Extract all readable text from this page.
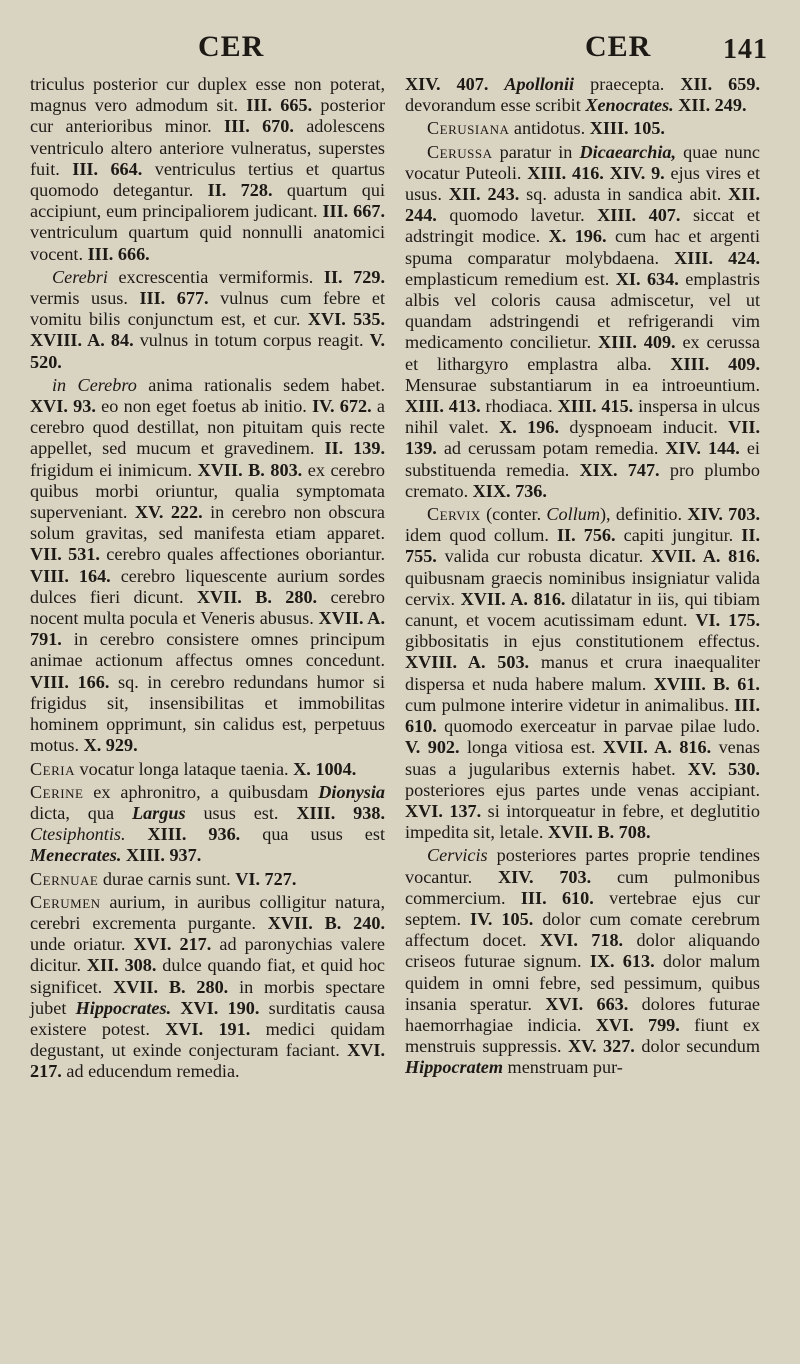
CER	CER	141

triculus posterior cur duplex esse non poterat, magnus vero admodum sit. III. 665. posterior cur anterioribus minor. III. 670. adolescens ventriculo altero anteriore vulneratus, superstes fuit. III. 664. ventriculus tertius et quartus quomodo detegantur. II. 728. quartum qui accipiunt, eum principaliorem judicant. III. 667. ventriculum quartum quid nonnulli anatomici vocent. III. 666.

Cerebri excrescentia vermiformis. II. 729. vermis usus. III. 677. vulnus cum febre et vomitu bilis conjunctum est, et cur. XVI. 535. XVIII. A. 84. vulnus in totum corpus reagit. V. 520.

in Cerebro anima rationalis sedem habet. XVI. 93. eo non eget foetus ab initio. IV. 672. a cerebro quod destillat, non pituitam quis recte appellet, sed mucum et gravedinem. II. 139. frigidum ei inimicum. XVII. B. 803. ex cerebro quibus morbi oriuntur, qualia symptomata superveniant. XV. 222. in cerebro non obscura solum gravitas, sed manifesta etiam apparet. VII. 531. cerebro quales affectiones oboriantur. VIII. 164. cerebro liquescente aurium sordes dulces fieri dicunt. XVII. B. 280. cerebro nocent multa pocula et Veneris abusus. XVII. A. 791. in cerebro consistere omnes principum animae actionum affectus omnes concedunt. VIII. 166. sq. in cerebro redundans humor si frigidus sit, insensibilitas et immobilitas hominem opprimunt, sin calidus est, perpetuus motus. X. 929.

Ceria vocatur longa lataque taenia. X. 1004.

Cerine ex aphronitro, a quibusdam Dionysia dicta, qua Largus usus est. XIII. 938. Ctesiphontis. XIII. 936. qua usus est Menecrates. XIII. 937.

Cernuae durae carnis sunt. VI. 727.

Cerumen aurium, in auribus colligitur natura, cerebri excrementa purgante. XVII. B. 240. unde oriatur. XVI. 217. ad paronychias valere dicitur. XII. 308. dulce quando fiat, et quid hoc significet. XVII. B. 280. in morbis spectare jubet Hippocrates. XVI. 190. surditatis causa existere potest. XVI. 191. medici quidam degustant, ut exinde conjecturam faciant. XVI. 217. ad educendum remedia.

XIV. 407. Apollonii praecepta. XII. 659. devorandum esse scribit Xenocrates. XII. 249.

Cerusiana antidotus. XIII. 105.

Cerussa paratur in Dicaearchia, quae nunc vocatur Puteoli. XIII. 416. XIV. 9. ejus vires et usus. XII. 243. sq. adusta in sandica abit. XII. 244. quomodo lavetur. XIII. 407. siccat et adstringit modice. X. 196. cum hac et argenti spuma comparatur molybdaena. XIII. 424. emplasticum remedium est. XI. 634. emplastris albis vel coloris causa admiscetur, vel ut quandam adstringendi et refrigerandi vim medicamento concilietur. XIII. 409. ex cerussa et lithargyro emplastra alba. XIII. 409. Mensurae substantiarum in ea introeuntium. XIII. 413. rhodiaca. XIII. 415. inspersa in ulcus nihil valet. X. 196. dyspnoeam inducit. VII. 139. ad cerussam potam remedia. XIV. 144. ei substituenda remedia. XIX. 747. pro plumbo cremato. XIX. 736.

Cervix (conter. Collum), definitio. XIV. 703. idem quod collum. II. 756. capiti jungitur. II. 755. valida cur robusta dicatur. XVII. A. 816. quibusnam graecis nominibus insigniatur valida cervix. XVII. A. 816. dilatatur in iis, qui tibiam canunt, et vocem acutissimam edunt. VI. 175. gibbositatis in ejus constitutionem effectus. XVIII. A. 503. manus et crura inaequaliter dispersa et nuda habere malum. XVIII. B. 61. cum pulmone interire videtur in animalibus. III. 610. quomodo exerceatur in parvae pilae ludo. V. 902. longa vitiosa est. XVII. A. 816. venas suas a jugularibus externis habet. XV. 530. posteriores ejus partes unde venas accipiant. XVI. 137. si intorqueatur in febre, et deglutitio impedita sit, letale. XVII. B. 708.

Cervicis posteriores partes proprie tendines vocantur. XIV. 703. cum pulmonibus commercium. III. 610. vertebrae ejus cur septem. IV. 105. dolor cum comate cerebrum affectum docet. XVI. 718. dolor aliquando criseos futurae signum. IX. 613. dolor malum quidem in omni febre, sed pessimum, quibus insania speratur. XVI. 663. dolores futurae haemorrhagiae indicia. XVI. 799. fiunt ex menstruis suppressis. XV. 327. dolor secundum Hippocratem menstruam pur-
